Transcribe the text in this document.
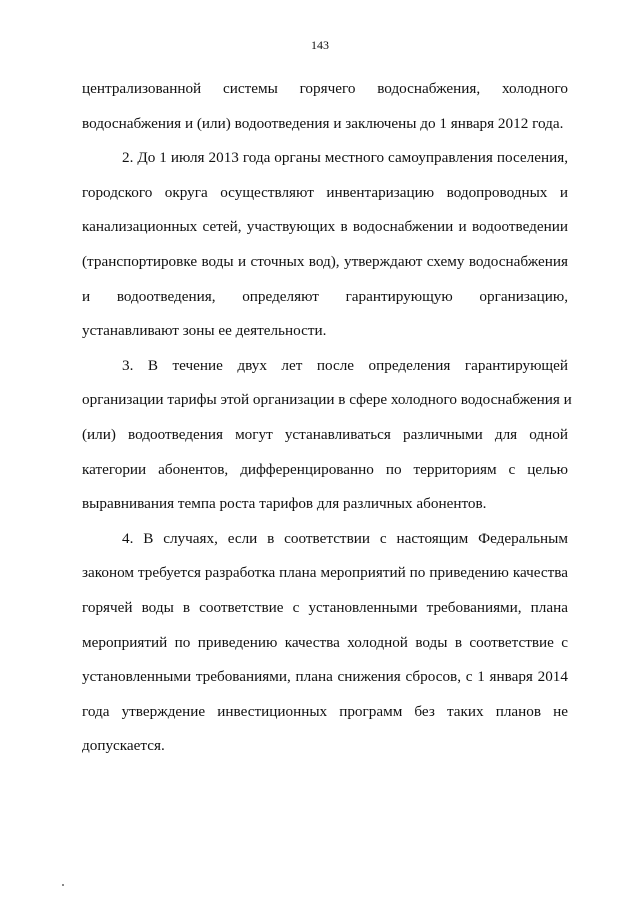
143
централизованной системы горячего водоснабжения, холодного
водоснабжения и (или) водоотведения и заключены до 1 января 2012 года.
2. До 1 июля 2013 года органы местного самоуправления поселения,
городского округа осуществляют инвентаризацию водопроводных и
канализационных сетей, участвующих в водоснабжении и водоотведении
(транспортировке воды и сточных вод), утверждают схему водоснабжения
и водоотведения, определяют гарантирующую организацию,
устанавливают зоны ее деятельности.
3. В течение двух лет после определения гарантирующей
организации тарифы этой организации в сфере холодного водоснабжения и
(или) водоотведения могут устанавливаться различными для одной
категории абонентов, дифференцированно по территориям с целью
выравнивания темпа роста тарифов для различных абонентов.
4. В случаях, если в соответствии с настоящим Федеральным
законом требуется разработка плана мероприятий по приведению качества
горячей воды в соответствие с установленными требованиями, плана
мероприятий по приведению качества холодной воды в соответствие с
установленными требованиями, плана снижения сбросов, с 1 января 2014
года утверждение инвестиционных программ без таких планов не
допускается.
